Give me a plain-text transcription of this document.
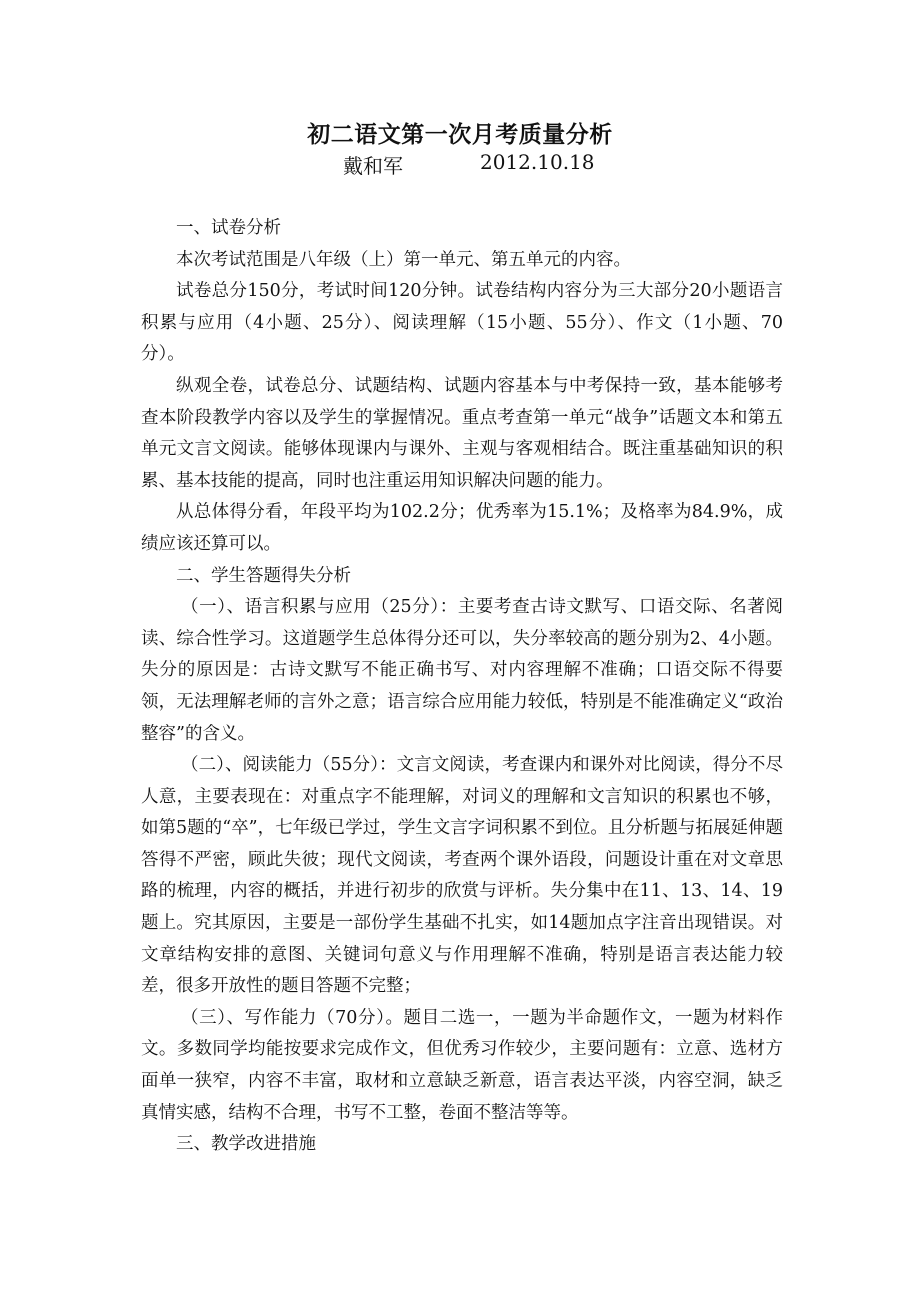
初二语文第一次月考质量分析
戴和军	2012.10.18

一、试卷分析

本次考试范围是八年级（上）第一单元、第五单元的内容。

试卷总分150分，考试时间120分钟。试卷结构内容分为三大部分20小题语言积累与应用（4小题、25分）、阅读理解（15小题、55分）、作文（1小题、70分）。

纵观全卷，试卷总分、试题结构、试题内容基本与中考保持一致，基本能够考查本阶段教学内容以及学生的掌握情况。重点考查第一单元“战争”话题文本和第五单元文言文阅读。能够体现课内与课外、主观与客观相结合。既注重基础知识的积累、基本技能的提高，同时也注重运用知识解决问题的能力。

从总体得分看，年段平均为102.2分；优秀率为15.1%；及格率为84.9%，成绩应该还算可以。

二、学生答题得失分析

（一）、语言积累与应用（25分）：主要考查古诗文默写、口语交际、名著阅读、综合性学习。这道题学生总体得分还可以，失分率较高的题分别为2、4小题。失分的原因是：古诗文默写不能正确书写、对内容理解不准确；口语交际不得要领，无法理解老师的言外之意；语言综合应用能力较低，特别是不能准确定义“政治整容”的含义。

（二）、阅读能力（55分）：文言文阅读，考查课内和课外对比阅读，得分不尽人意，主要表现在：对重点字不能理解，对词义的理解和文言知识的积累也不够，如第5题的“卒”，七年级已学过，学生文言字词积累不到位。且分析题与拓展延伸题答得不严密，顾此失彼；现代文阅读，考查两个课外语段，问题设计重在对文章思路的梳理，内容的概括，并进行初步的欣赏与评析。失分集中在11、13、14、19题上。究其原因，主要是一部份学生基础不扎实，如14题加点字注音出现错误。对文章结构安排的意图、关键词句意义与作用理解不准确，特别是语言表达能力较差，很多开放性的题目答题不完整；

（三）、写作能力（70分）。题目二选一，一题为半命题作文，一题为材料作文。多数同学均能按要求完成作文，但优秀习作较少，主要问题有：立意、选材方面单一狭窄，内容不丰富，取材和立意缺乏新意，语言表达平淡，内容空洞，缺乏真情实感，结构不合理，书写不工整，卷面不整洁等等。

三、教学改进措施
